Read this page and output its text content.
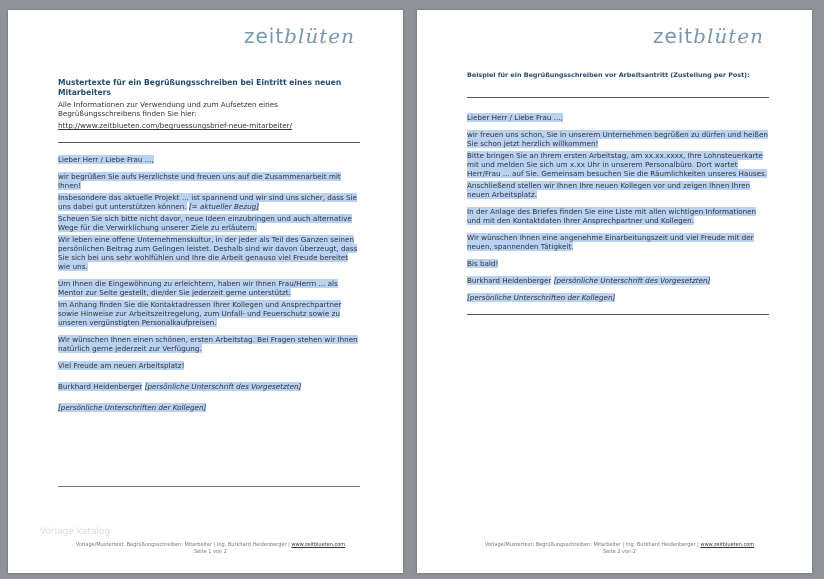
zeitblüten
Mustertexte für ein Begrüßungsschreiben bei Eintritt eines neuen Mitarbeiters
Alle Informationen zur Verwendung und zum Aufsetzen eines Begrüßungsschreibens finden Sie hier:
http://www.zeitblueten.com/begruessungsbrief-neue-mitarbeiter/
Lieber Herr / Liebe Frau ...,
wir begrüßen Sie aufs Herzlichste und freuen uns auf die Zusammenarbeit mit Ihnen!
Insbesondere das aktuelle Projekt … ist spannend und wir sind uns sicher, dass Sie uns dabei gut unterstützen können. [= aktueller Bezug]
Scheuen Sie sich bitte nicht davor, neue Ideen einzubringen und auch alternative Wege für die Verwirklichung unserer Ziele zu erläutern.
Wir leben eine offene Unternehmenskultur, in der jeder als Teil des Ganzen seinen persönlichen Beitrag zum Gelingen leistet. Deshalb sind wir davon überzeugt, dass Sie sich bei uns sehr wohlfühlen und Ihre die Arbeit genauso viel Freude bereitet wie uns.
Um Ihnen die Eingewöhnung zu erleichtern, haben wir Ihnen Frau/Herrn ... als Mentor zur Seite gestellt, die/der Sie jederzeit gerne unterstützt.
Im Anhang finden Sie die Kontaktadressen Ihrer Kollegen und Ansprechpartner sowie Hinweise zur Arbeitszeitregelung, zum Unfall- und Feuerschutz sowie zu unseren vergünstigten Personalkaufpreisen.
Wir wünschen Ihnen einen schönen, ersten Arbeitstag. Bei Fragen stehen wir Ihnen natürlich gerne jederzeit zur Verfügung.
Viel Freude am neuen Arbeitsplatz!
Burkhard Heidenberger [persönliche Unterschrift des Vorgesetzten]
[persönliche Unterschriften der Kollegen]
Vorlage katalog
Vorlage/Mustertext: Begrüßungsschreiben: Mitarbeiter | Ing. Burkhard Heidenberger | www.zeitblueten.com
Seite 1 von 2
zeitblüten
Beispiel für ein Begrüßungsschreiben vor Arbeitsantritt (Zustellung per Post):
Lieber Herr / Liebe Frau ...,
wir freuen uns schon, Sie in unserem Unternehmen begrüßen zu dürfen und heißen Sie schon jetzt herzlich willkommen!
Bitte bringen Sie an Ihrem ersten Arbeitstag, am xx.xx.xxxx, Ihre Lohnsteuerkarte mit und melden Sie sich um x.xx Uhr in unserem Personalbüro. Dort wartet Herr/Frau ... auf Sie. Gemeinsam besuchen Sie die Räumlichkeiten unseres Hauses.
Anschließend stellen wir Ihnen Ihre neuen Kollegen vor und zeigen Ihnen Ihren neuen Arbeitsplatz.
In der Anlage des Briefes finden Sie eine Liste mit allen wichtigen Informationen und mit den Kontaktdaten Ihrer Ansprechpartner und Kollegen.
Wir wünschen Ihnen eine angenehme Einarbeitungszeit und viel Freude mit der neuen, spannenden Tätigkeit.
Bis bald!
Burkhard Heidenberger [persönliche Unterschrift des Vorgesetzten]
[persönliche Unterschriften der Kollegen]
Vorlage/Mustertext: Begrüßungsschreiben: Mitarbeiter | Ing. Burkhard Heidenberger | www.zeitblueten.com
Seite 2 von 2
